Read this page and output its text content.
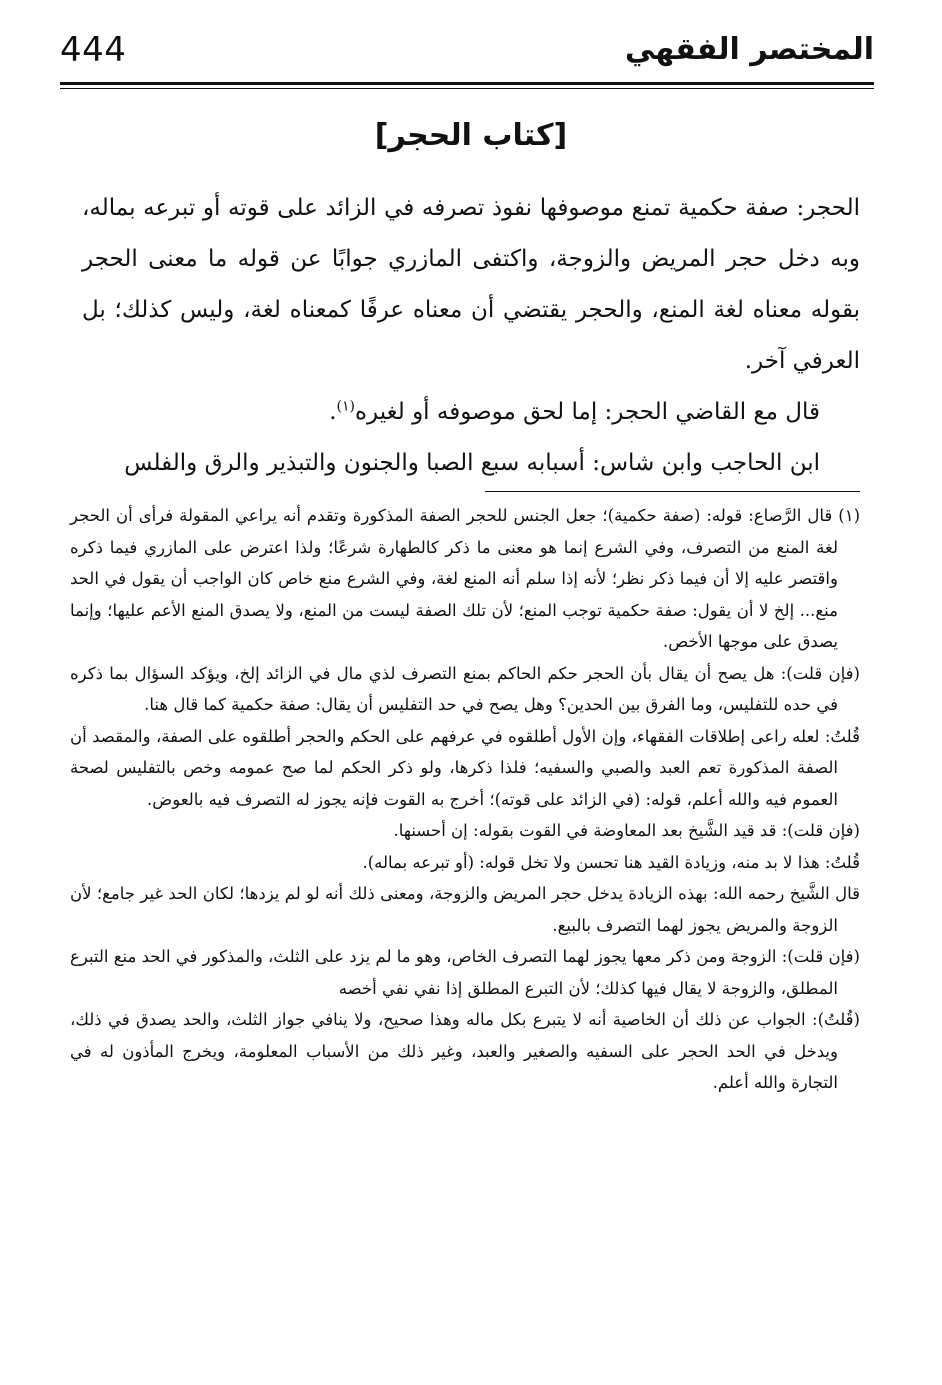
444	المختصر الفقهي
[كتاب الحجر]

الحجر: صفة حكمية تمنع موصوفها نفوذ تصرفه في الزائد على قوته أو تبرعه بماله، وبه دخل حجر المريض والزوجة، واكتفى المازري جوابًا عن قوله ما معنى الحجر بقوله معناه لغة المنع، والحجر يقتضي أن معناه عرفًا كمعناه لغة، وليس كذلك؛ بل العرفي آخر.

قال مع القاضي الحجر: إما لحق موصوفه أو لغيره$^{(١)}$.

ابن الحاجب وابن شاس: أسبابه سبع الصبا والجنون والتبذير والرق والفلس

(١) قال الرَّصاع: قوله: (صفة حكمية)؛ جعل الجنس للحجر الصفة المذكورة وتقدم أنه يراعي المقولة فرأى أن الحجر لغة المنع من التصرف، وفي الشرع إنما هو معنى ما ذكر كالطهارة شرعًا؛ ولذا اعترض على المازري فيما ذكره واقتصر عليه إلا أن فيما ذكر نظر؛ لأنه إذا سلم أنه المنع لغة، وفي الشرع منع خاص كان الواجب أن يقول في الحد منع... إلخ لا أن يقول: صفة حكمية توجب المنع؛ لأن تلك الصفة ليست من المنع، ولا يصدق المنع الأعم عليها؛ وإنما يصدق على موجها الأخص.

(فإن قلت): هل يصح أن يقال بأن الحجر حكم الحاكم بمنع التصرف لذي مال في الزائد إلخ، ويؤكد السؤال بما ذكره في حده للتفليس، وما الفرق بين الحدين؟ وهل يصح في حد التفليس أن يقال: صفة حكمية كما قال هنا.

قُلتُ: لعله راعى إطلاقات الفقهاء، وإن الأول أطلقوه في عرفهم على الحكم والحجر أطلقوه على الصفة، والمقصد أن الصفة المذكورة تعم العبد والصبي والسفيه؛ فلذا ذكرها، ولو ذكر الحكم لما صح عمومه وخص بالتفليس لصحة العموم فيه والله أعلم، قوله: (في الزائد على قوته)؛ أخرج به القوت فإنه يجوز له التصرف فيه بالعوض.

(فإن قلت): قد قيد الشَّيخ بعد المعاوضة في القوت بقوله: إن أحسنها.

قُلتُ: هذا لا بد منه، وزيادة القيد هنا تحسن ولا تخل قوله: (أو تبرعه بماله).

قال الشَّيخ رحمه الله: بهذه الزيادة يدخل حجر المريض والزوجة، ومعنى ذلك أنه لو لم يزدها؛ لكان الحد غير جامع؛ لأن الزوجة والمريض يجوز لهما التصرف بالبيع.

(فإن قلت): الزوجة ومن ذكر معها يجوز لهما التصرف الخاص، وهو ما لم يزد على الثلث، والمذكور في الحد منع التبرع المطلق، والزوجة لا يقال فيها كذلك؛ لأن التبرع المطلق إذا نفي نفي أخصه

(قُلتُ): الجواب عن ذلك أن الخاصية أنه لا يتبرع بكل ماله وهذا صحيح، ولا ينافي جواز الثلث، والحد يصدق في ذلك، ويدخل في الحد الحجر على السفيه والصغير والعبد، وغير ذلك من الأسباب المعلومة، ويخرج المأذون له في التجارة والله أعلم.
